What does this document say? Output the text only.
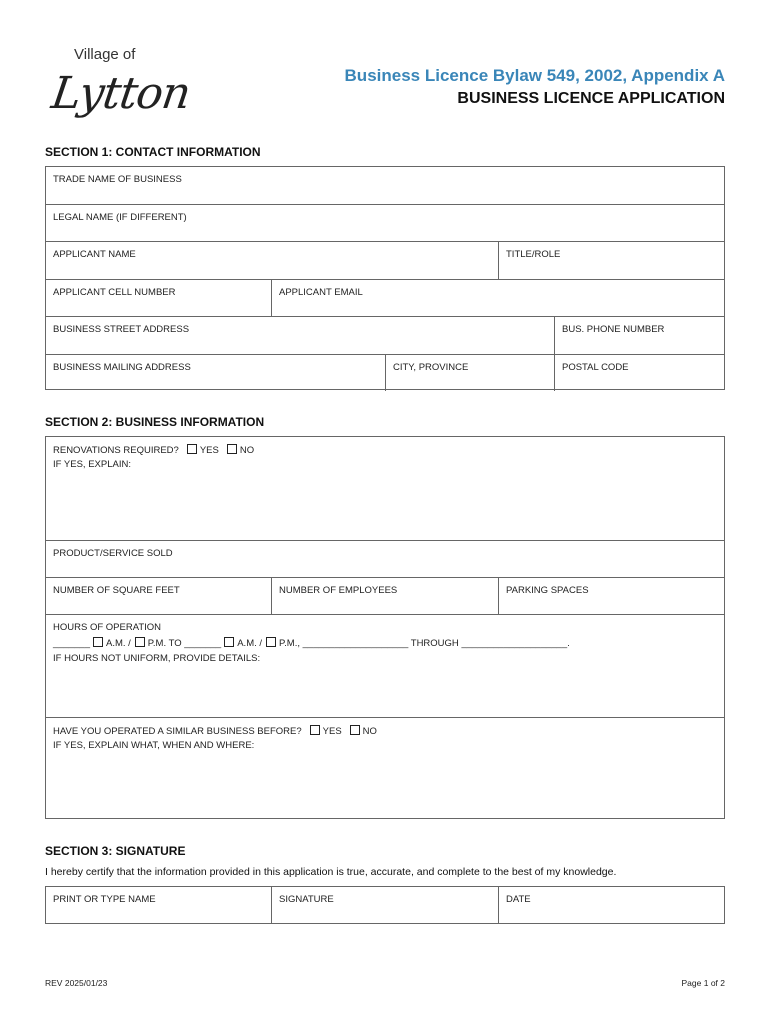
Village of
Lytton	Business Licence Bylaw 549, 2002, Appendix A
BUSINESS LICENCE APPLICATION
SECTION 1: CONTACT INFORMATION
TRADE NAME OF BUSINESS
LEGAL NAME (IF DIFFERENT)
APPLICANT NAME	TITLE/ROLE
APPLICANT CELL NUMBER	APPLICANT EMAIL
BUSINESS STREET ADDRESS	BUS. PHONE NUMBER
BUSINESS MAILING ADDRESS	CITY, PROVINCE	POSTAL CODE
SECTION 2: BUSINESS INFORMATION
RENOVATIONS REQUIRED? YES NO
IF YES, EXPLAIN:
PRODUCT/SERVICE SOLD
NUMBER OF SQUARE FEET	NUMBER OF EMPLOYEES	PARKING SPACES
HOURS OF OPERATION
_______ A.M. / P.M. TO _______ A.M. / P.M., ____________________ THROUGH ____________________.
IF HOURS NOT UNIFORM, PROVIDE DETAILS:
HAVE YOU OPERATED A SIMILAR BUSINESS BEFORE? YES NO
IF YES, EXPLAIN WHAT, WHEN AND WHERE:
SECTION 3: SIGNATURE
I hereby certify that the information provided in this application is true, accurate, and complete to the best of my knowledge.
PRINT OR TYPE NAME	SIGNATURE	DATE
REV 2025/01/23	Page 1 of 2
